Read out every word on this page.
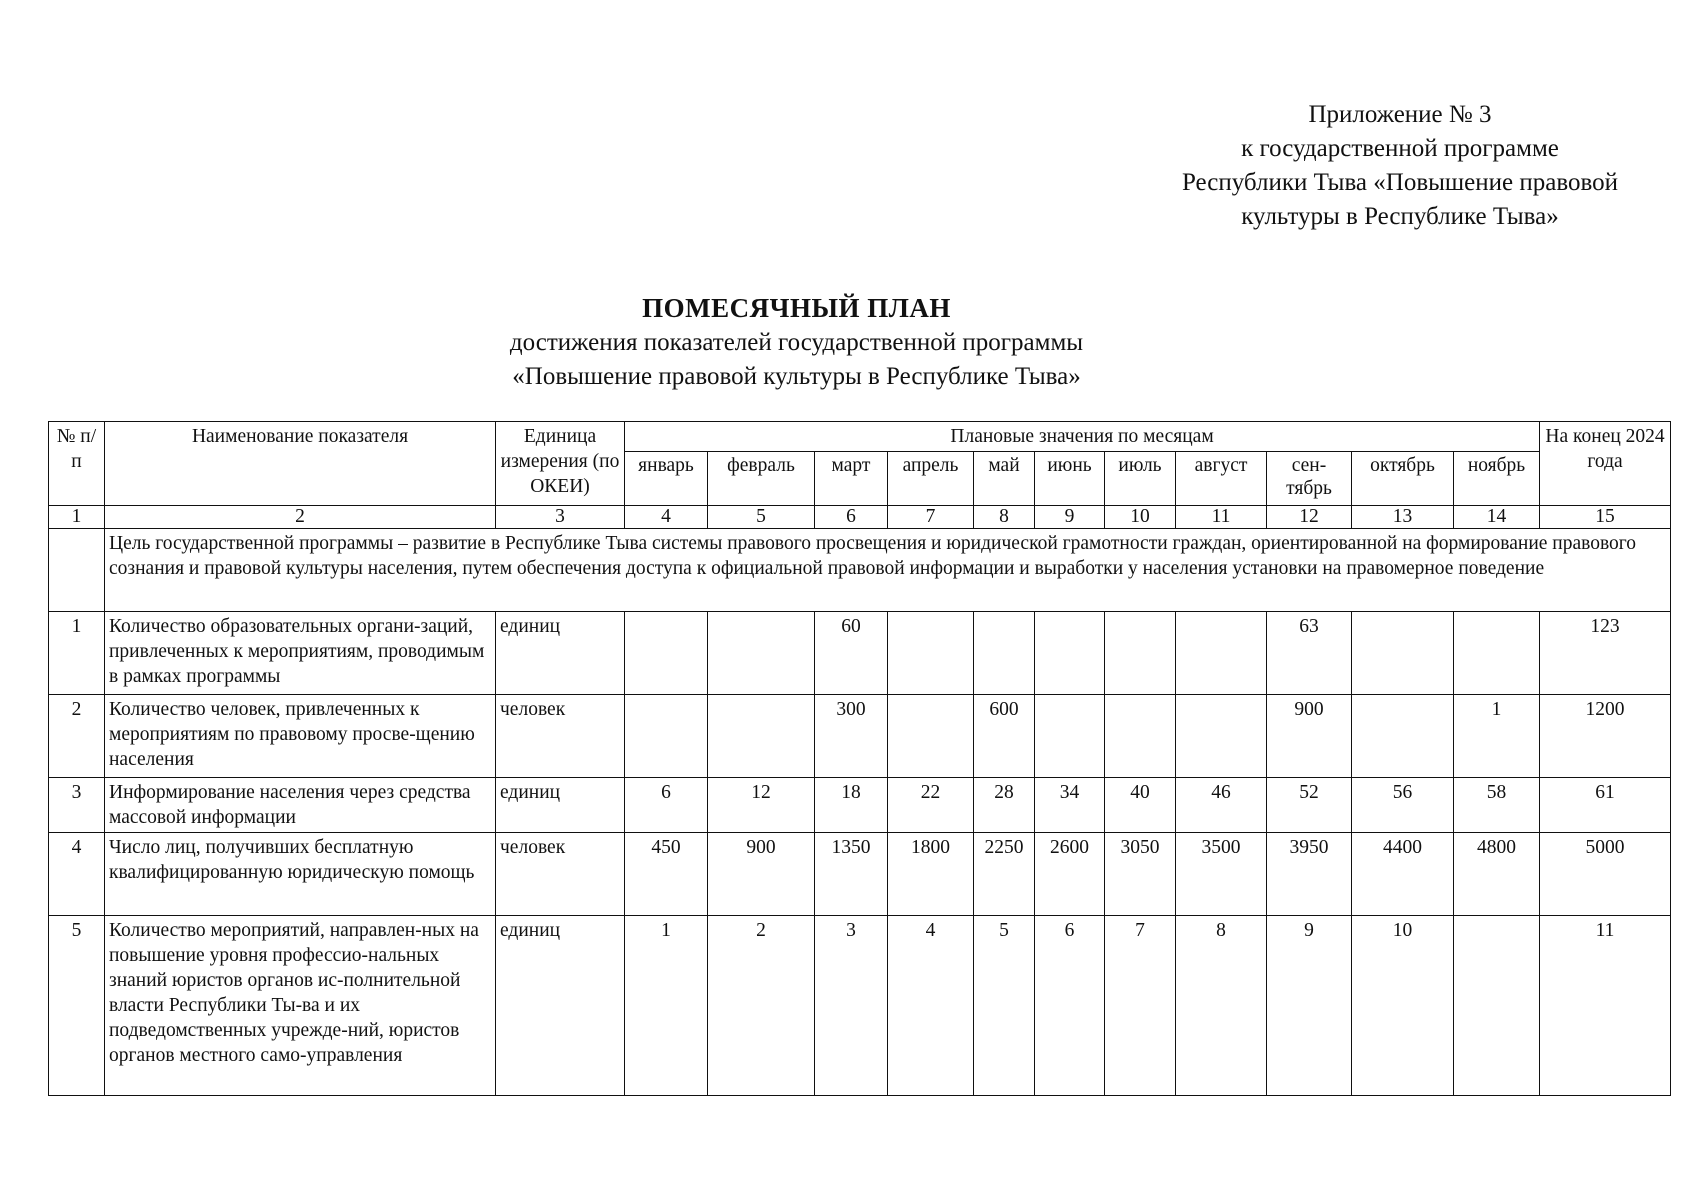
Приложение № 3
к государственной программе
Республики Тыва «Повышение правовой
культуры в Республике Тыва»
ПОМЕСЯЧНЫЙ ПЛАН
достижения показателей государственной программы
«Повышение правовой культуры в Республике Тыва»
№ п/п	Наименование показателя	Единица измерения (по ОКЕИ)	Плановые значения по месяцам											На конец 2024 года
			январь	февраль	март	апрель	май	июнь	июль	август	сен-тябрь	октябрь	ноябрь	
1	2	3	4	5	6	7	8	9	10	11	12	13	14	15
	Цель государственной программы – развитие в Республике Тыва системы правового просвещения и юридической грамотности граждан, ориентированной на формирование правового сознания и правовой культуры населения, путем обеспечения доступа к официальной правовой информации и выработки у населения установки на правомерное поведение													
1	Количество образовательных органи-заций, привлеченных к мероприятиям, проводимым в рамках программы	единиц			60						63			123
2	Количество человек, привлеченных к мероприятиям по правовому просве-щению населения	человек			300		600				900		1	1200
3	Информирование населения через средства массовой информации	единиц	6	12	18	22	28	34	40	46	52	56	58	61
4	Число лиц, получивших бесплатную квалифицированную юридическую помощь	человек	450	900	1350	1800	2250	2600	3050	3500	3950	4400	4800	5000
5	Количество мероприятий, направлен-ных на повышение уровня профессио-нальных знаний юристов органов ис-полнительной власти Республики Ты-ва и их подведомственных учрежде-ний, юристов органов местного само-управления	единиц	1	2	3	4	5	6	7	8	9	10		11
